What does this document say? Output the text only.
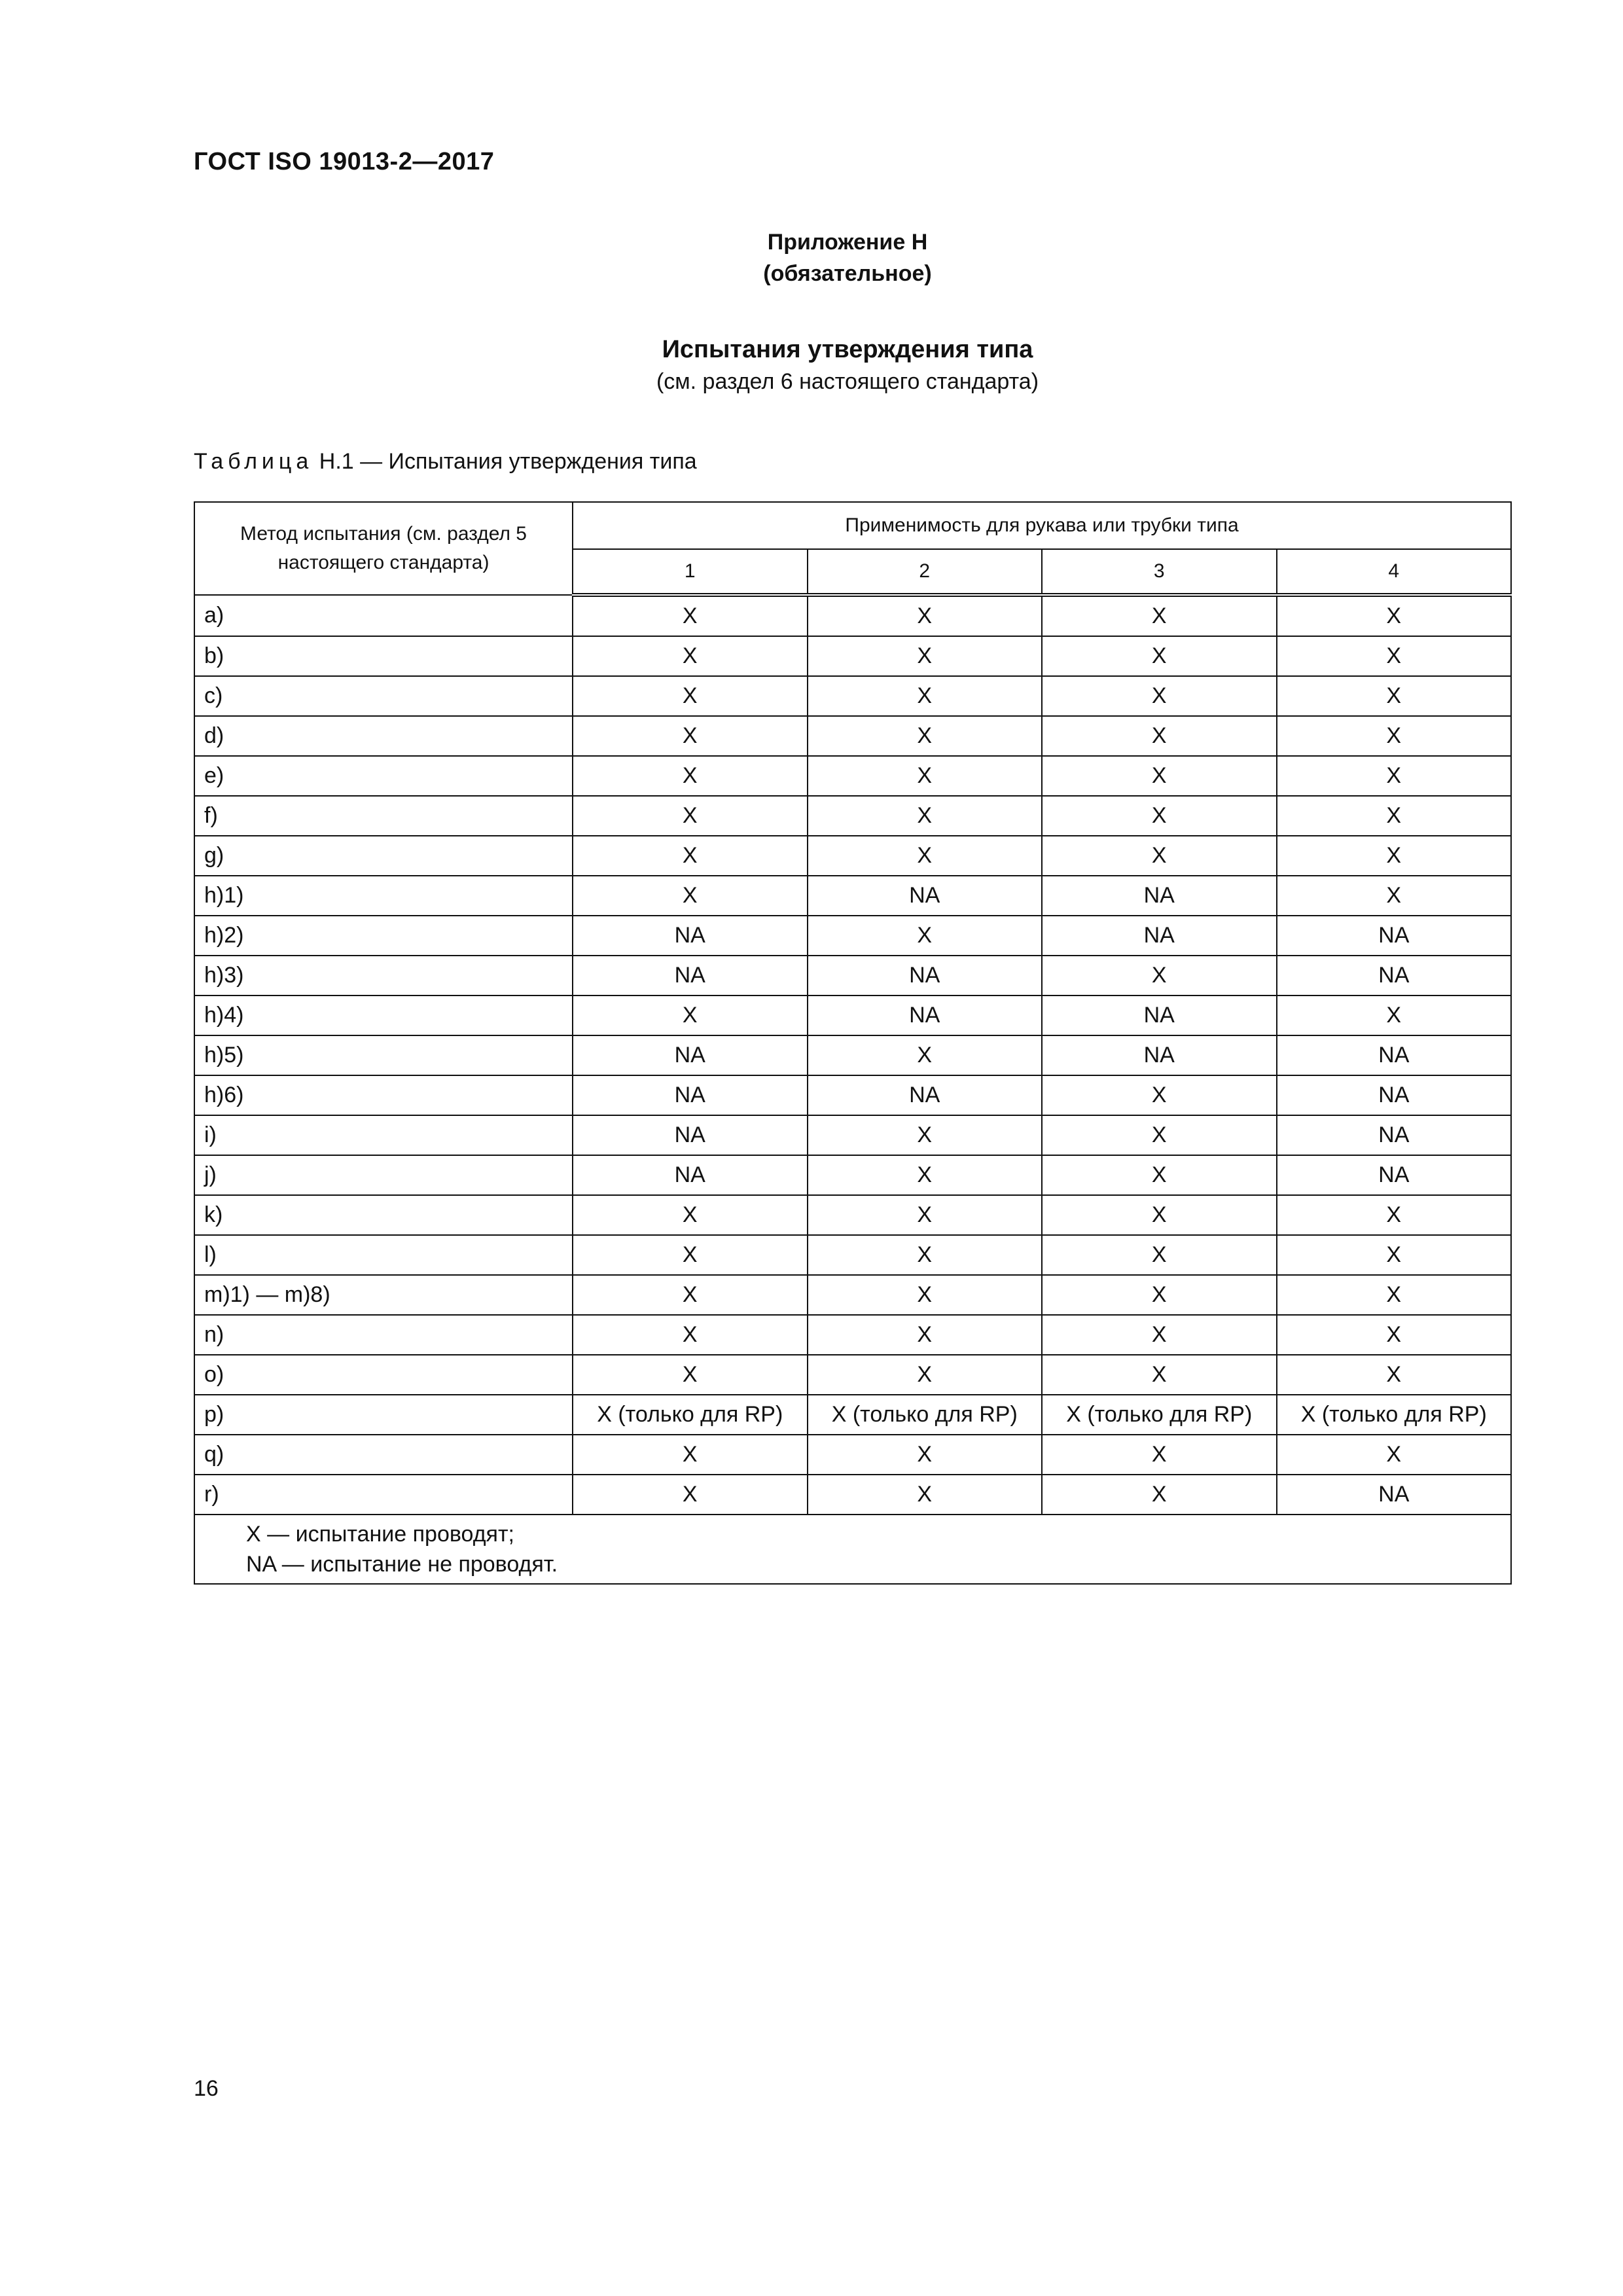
ГОСТ ISO 19013-2—2017
Приложение H
(обязательное)
Испытания утверждения типа
(см. раздел 6 настоящего стандарта)
Таблица H.1 — Испытания утверждения типа
Метод испытания (см. раздел 5 настоящего стандарта)	Применимость для рукава или трубки типа			
	1	2	3	4
a)	X	X	X	X
b)	X	X	X	X
c)	X	X	X	X
d)	X	X	X	X
e)	X	X	X	X
f)	X	X	X	X
g)	X	X	X	X
h)1)	X	NA	NA	X
h)2)	NA	X	NA	NA
h)3)	NA	NA	X	NA
h)4)	X	NA	NA	X
h)5)	NA	X	NA	NA
h)6)	NA	NA	X	NA
i)	NA	X	X	NA
j)	NA	X	X	NA
k)	X	X	X	X
l)	X	X	X	X
m)1) — m)8)	X	X	X	X
n)	X	X	X	X
o)	X	X	X	X
p)	X (только для RP)	X (только для RP)	X (только для RP)	X (только для RP)
q)	X	X	X	X
r)	X	X	X	NA

X — испытание проводят;
NA — испытание не проводят.				
16
